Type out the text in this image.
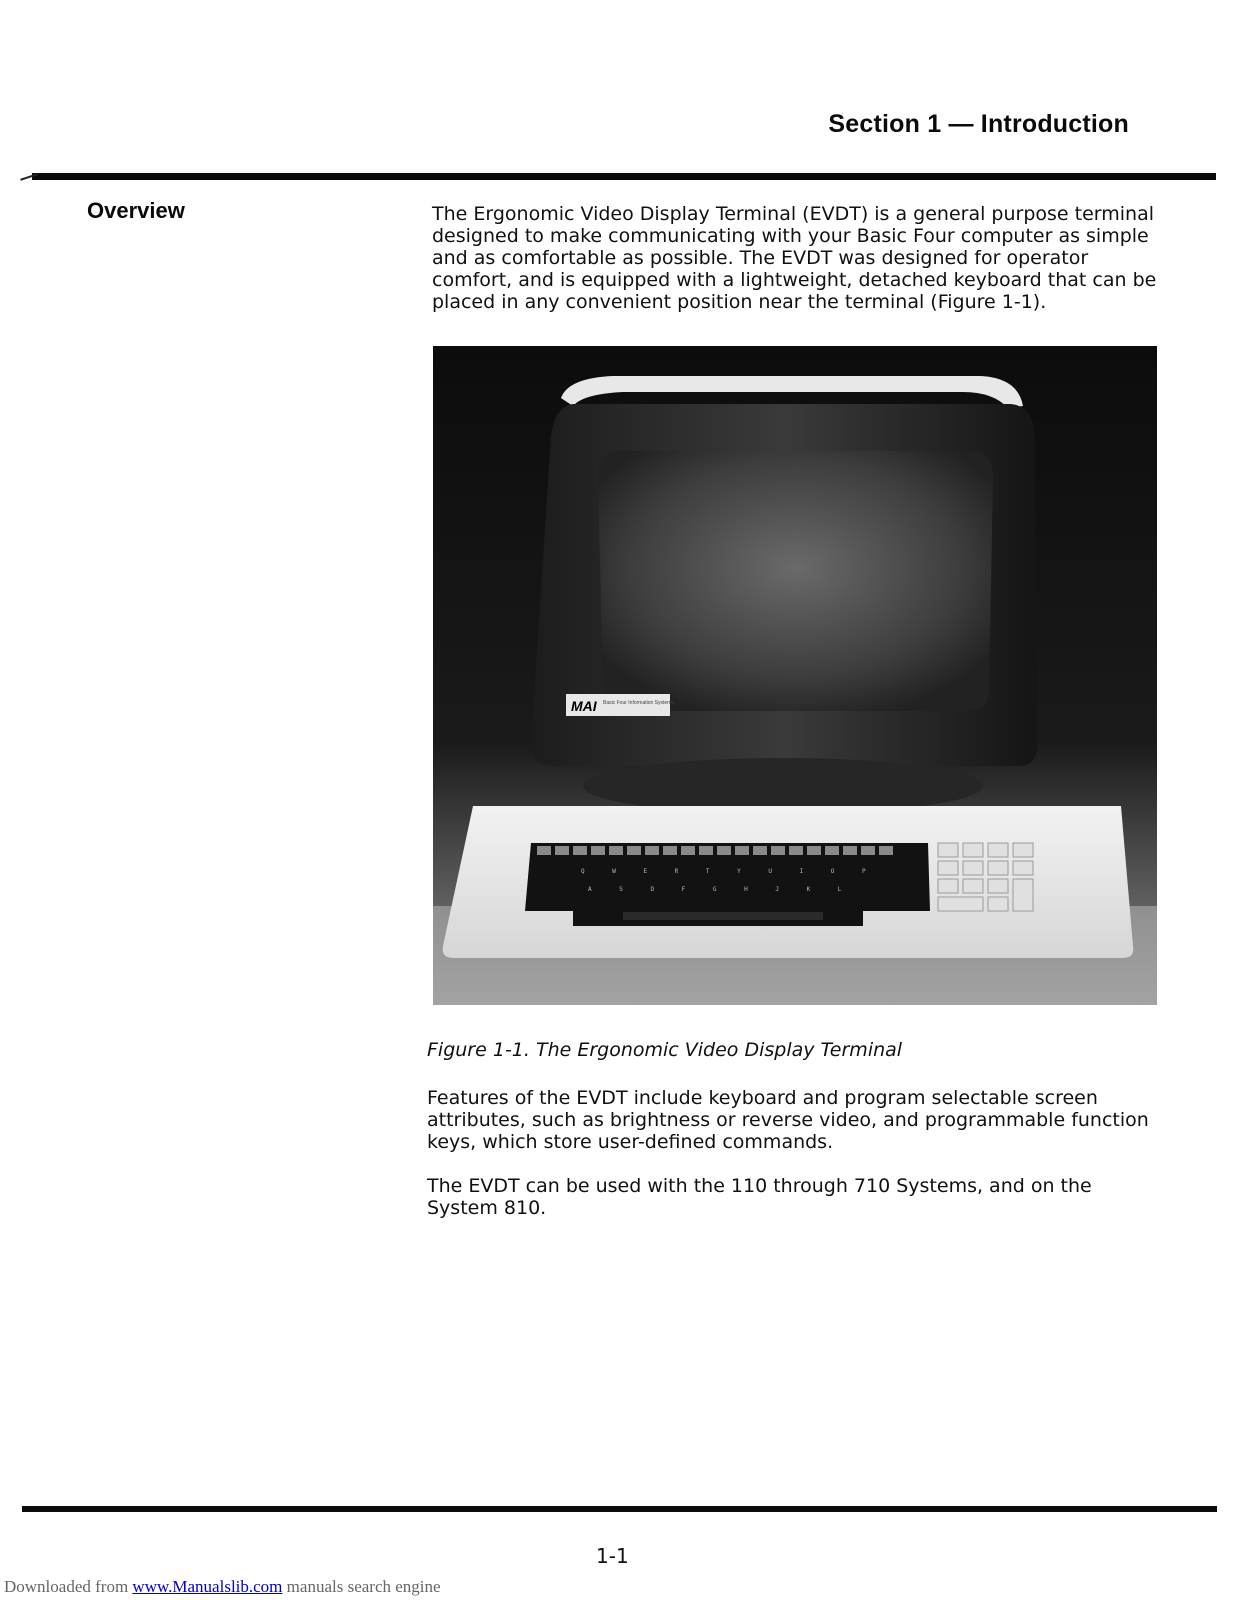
Section 1 — Introduction
Overview	The Ergonomic Video Display Terminal (EVDT) is a general purpose terminal designed to make communicating with your Basic Four computer as simple and as comfortable as possible. The EVDT was designed for operator comfort, and is equipped with a lightweight, detached keyboard that can be placed in any convenient position near the terminal (Figure 1-1).

MAI Basic Four Information Systems
Q W E R T Y U I O P
A S D F G H J K L

Figure 1-1. The Ergonomic Video Display Terminal

Features of the EVDT include keyboard and program selectable screen attributes, such as brightness or reverse video, and programmable function keys, which store user-defined commands.

The EVDT can be used with the 110 through 710 Systems, and on the System 810.

1-1
Downloaded from www.Manualslib.com manuals search engine
